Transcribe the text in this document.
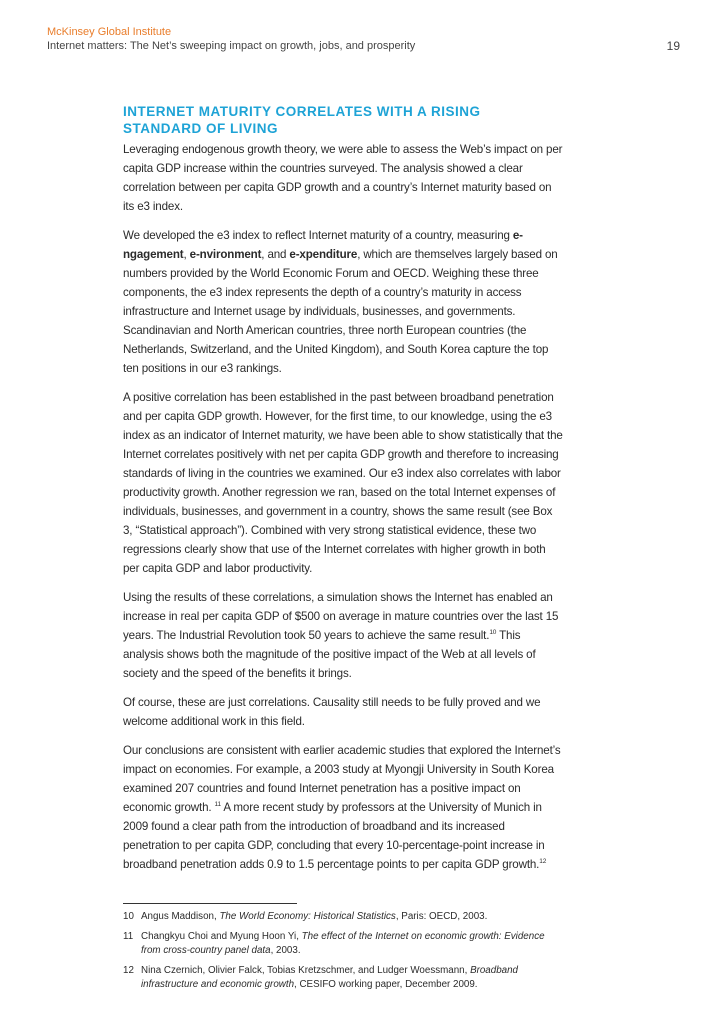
McKinsey Global Institute
Internet matters: The Net’s sweeping impact on growth, jobs, and prosperity	19
INTERNET MATURITY CORRELATES WITH A RISING STANDARD OF LIVING

Leveraging endogenous growth theory, we were able to assess the Web’s impact on per capita GDP increase within the countries surveyed. The analysis showed a clear correlation between per capita GDP growth and a country’s Internet maturity based on its e3 index.

We developed the e3 index to reflect Internet maturity of a country, measuring e-ngagement, e-nvironment, and e-xpenditure, which are themselves largely based on numbers provided by the World Economic Forum and OECD. Weighing these three components, the e3 index represents the depth of a country’s maturity in access infrastructure and Internet usage by individuals, businesses, and governments. Scandinavian and North American countries, three north European countries (the Netherlands, Switzerland, and the United Kingdom), and South Korea capture the top ten positions in our e3 rankings.

A positive correlation has been established in the past between broadband penetration and per capita GDP growth. However, for the first time, to our knowledge, using the e3 index as an indicator of Internet maturity, we have been able to show statistically that the Internet correlates positively with net per capita GDP growth and therefore to increasing standards of living in the countries we examined. Our e3 index also correlates with labor productivity growth. Another regression we ran, based on the total Internet expenses of individuals, businesses, and government in a country, shows the same result (see Box 3, “Statistical approach”). Combined with very strong statistical evidence, these two regressions clearly show that use of the Internet correlates with higher growth in both per capita GDP and labor productivity.

Using the results of these correlations, a simulation shows the Internet has enabled an increase in real per capita GDP of $500 on average in mature countries over the last 15 years. The Industrial Revolution took 50 years to achieve the same result.$^{10}$ This analysis shows both the magnitude of the positive impact of the Web at all levels of society and the speed of the benefits it brings.

Of course, these are just correlations. Causality still needs to be fully proved and we welcome additional work in this field.

Our conclusions are consistent with earlier academic studies that explored the Internet’s impact on economies. For example, a 2003 study at Myongji University in South Korea examined 207 countries and found Internet penetration has a positive impact on economic growth. $^{11}$ A more recent study by professors at the University of Munich in 2009 found a clear path from the introduction of broadband and its increased penetration to per capita GDP, concluding that every 10-percentage-point increase in broadband penetration adds 0.9 to 1.5 percentage points to per capita GDP growth.$^{12}$

10 Angus Maddison, The World Economy: Historical Statistics, Paris: OECD, 2003.
11 Changkyu Choi and Myung Hoon Yi, The effect of the Internet on economic growth: Evidence from cross-country panel data, 2003.
12 Nina Czernich, Olivier Falck, Tobias Kretzschmer, and Ludger Woessmann, Broadband infrastructure and economic growth, CESIFO working paper, December 2009.
